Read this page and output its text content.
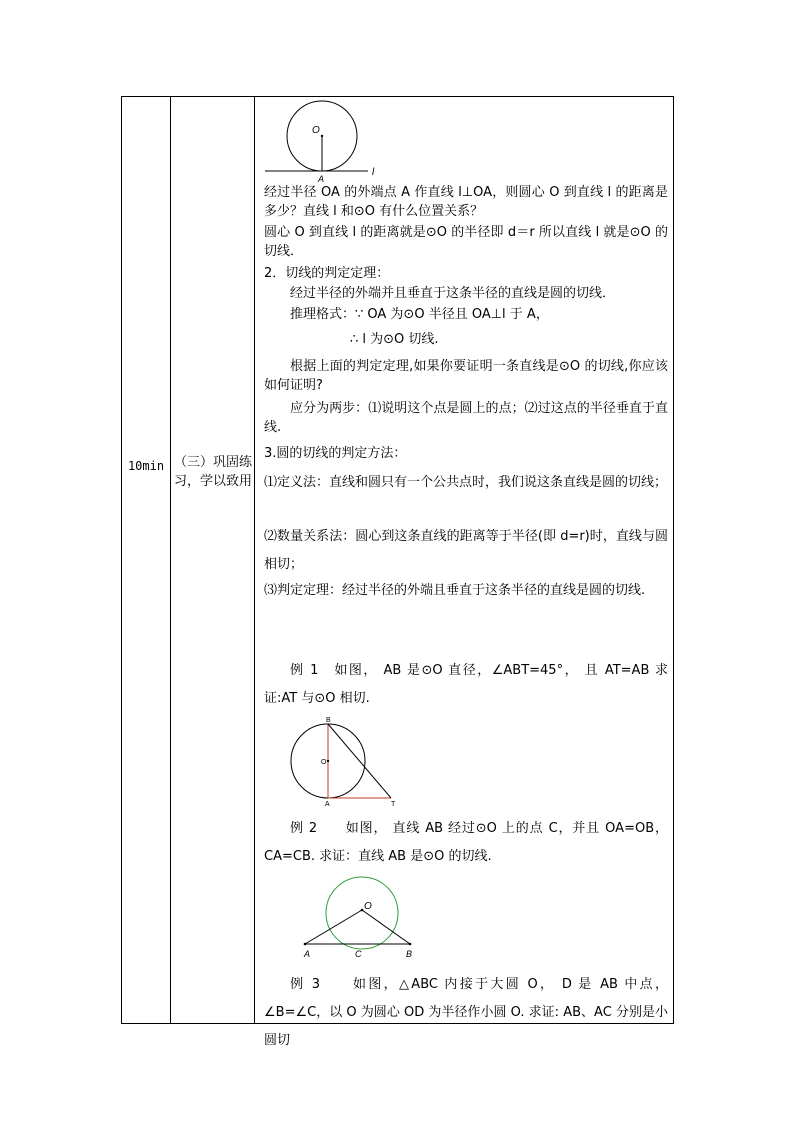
10min （三）巩固练习，学以致用
O
A
l
经过半径 OA 的外端点 A 作直线 l⊥OA，则圆心 O 到直线 l 的距离是多少？直线 l 和⊙O 有什么位置关系？
圆心 O 到直线 l 的距离就是⊙O 的半径即 d＝r 所以直线 l 就是⊙O 的切线．
2．切线的判定定理：
经过半径的外端并且垂直于这条半径的直线是圆的切线．
推理格式：∵ OA 为⊙O 半径且 OA⊥l 于 A，
∴ l 为⊙O 切线.
根据上面的判定定理,如果你要证明一条直线是⊙O 的切线,你应该如何证明?
应分为两步：⑴说明这个点是圆上的点；⑵过这点的半径垂直于直线.
3.圆的切线的判定方法：
⑴定义法：直线和圆只有一个公共点时，我们说这条直线是圆的切线；
⑵数量关系法：圆心到这条直线的距离等于半径(即 d=r)时，直线与圆相切；
⑶判定定理：经过半径的外端且垂直于这条半径的直线是圆的切线.
例 1　如图， AB 是⊙O 直径，∠ABT=45°， 且 AT=AB 求证:AT 与⊙O 相切.
B
O
A	T
例 2　　如图， 直线 AB 经过⊙O 上的点 C，并且 OA=OB，CA=CB. 求证：直线 AB 是⊙O 的切线.
O
A	C	B
例 3　　如图，△ABC 内接于大圆 O， D 是 AB 中点， ∠B=∠C，以 O 为圆心 OD 为半径作小圆 O. 求证: AB、AC 分别是小圆切
